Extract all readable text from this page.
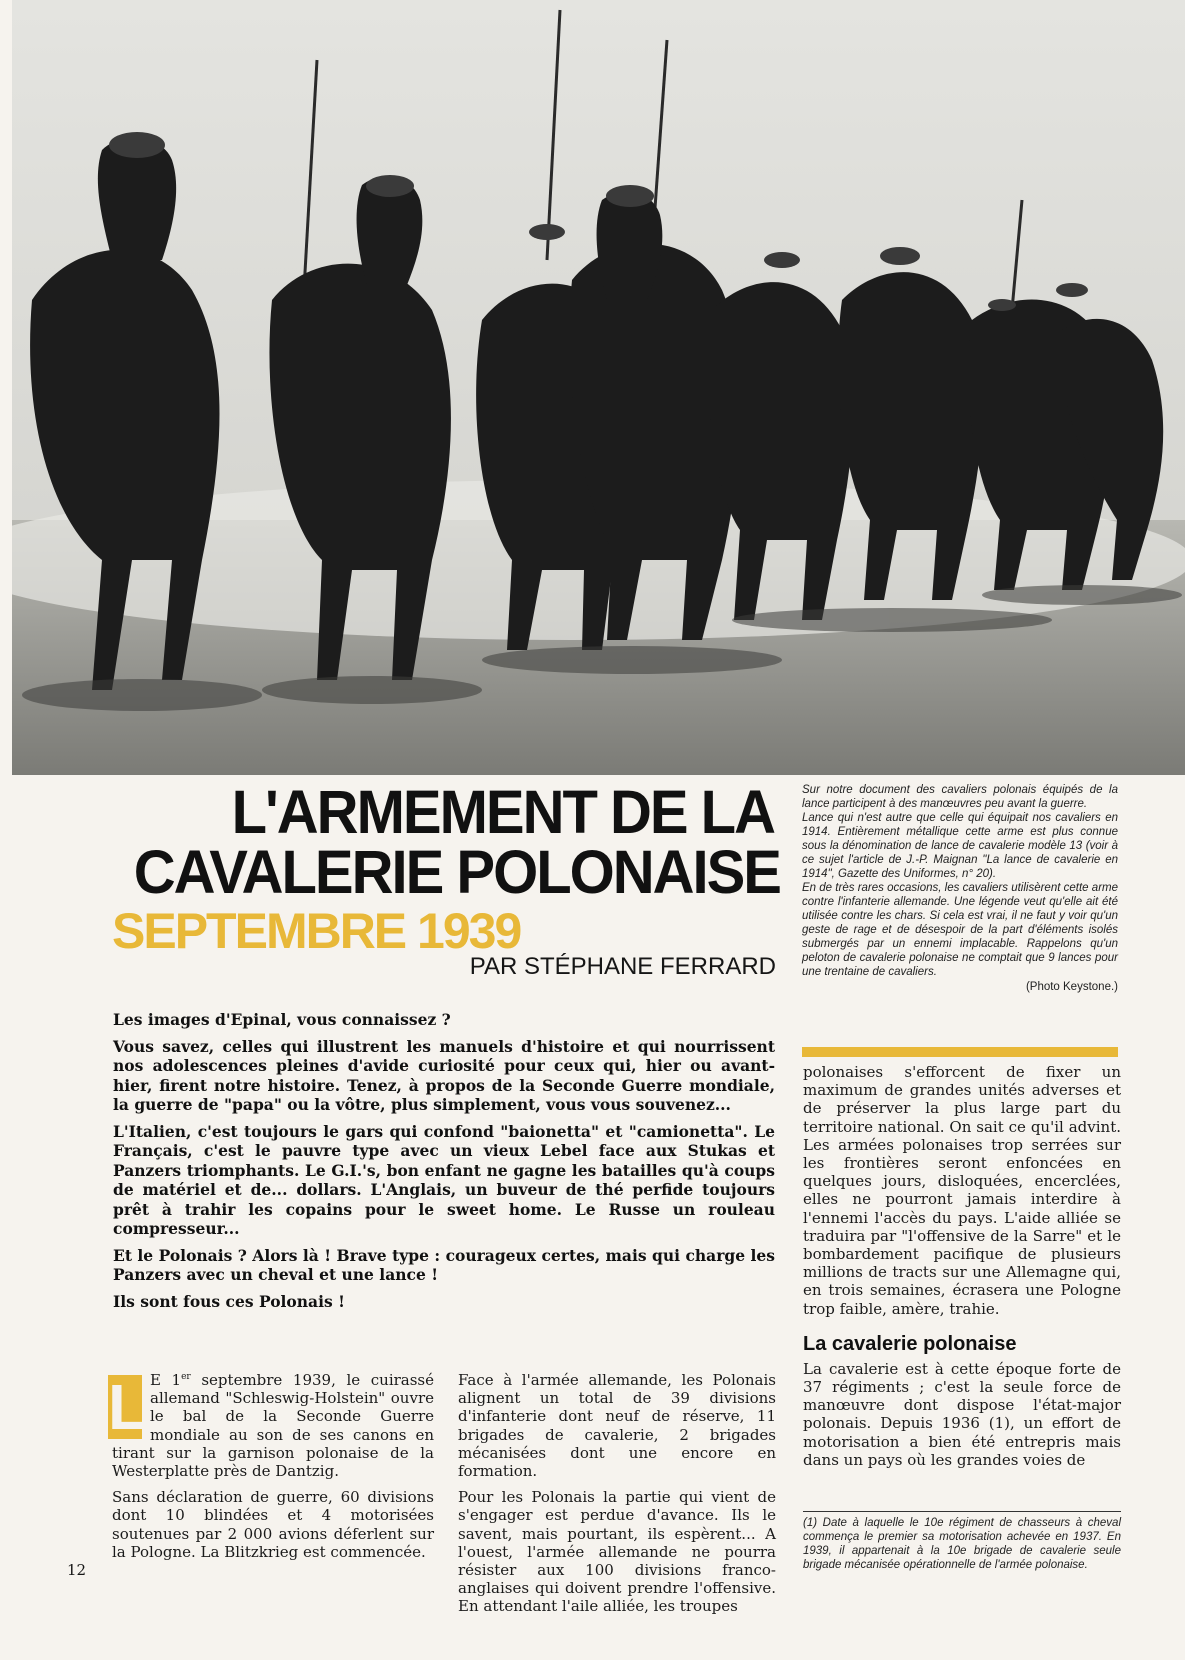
L'ARMEMENT DE LA
CAVALERIE POLONAISE
SEPTEMBRE 1939
PAR STÉPHANE FERRARD

Sur notre document des cavaliers polonais équipés de la lance participent à des manœuvres peu avant la guerre.

Lance qui n'est autre que celle qui équipait nos cavaliers en 1914. Entièrement métallique cette arme est plus connue sous la dénomination de lance de cavalerie modèle 13 (voir à ce sujet l'article de J.-P. Maignan "La lance de cavalerie en 1914", Gazette des Uniformes, n° 20).

En de très rares occasions, les cavaliers utilisèrent cette arme contre l'infanterie allemande. Une légende veut qu'elle ait été utilisée contre les chars. Si cela est vrai, il ne faut y voir qu'un geste de rage et de désespoir de la part d'éléments isolés submergés par un ennemi implacable. Rappelons qu'un peloton de cavalerie polonaise ne comptait que 9 lances pour une trentaine de cavaliers.

(Photo Keystone.)

Les images d'Epinal, vous connaissez ?

Vous savez, celles qui illustrent les manuels d'histoire et qui nourrissent nos adolescences pleines d'avide curiosité pour ceux qui, hier ou avant-hier, firent notre histoire. Tenez, à propos de la Seconde Guerre mondiale, la guerre de "papa" ou la vôtre, plus simplement, vous vous souvenez...

L'Italien, c'est toujours le gars qui confond "baionetta" et "camionetta". Le Français, c'est le pauvre type avec un vieux Lebel face aux Stukas et Panzers triomphants. Le G.I.'s, bon enfant ne gagne les batailles qu'à coups de matériel et de... dollars. L'Anglais, un buveur de thé perfide toujours prêt à trahir les copains pour le sweet home. Le Russe un rouleau compresseur...

Et le Polonais ? Alors là ! Brave type : courageux certes, mais qui charge les Panzers avec un cheval et une lance !

Ils sont fous ces Polonais !

L E 1er septembre 1939, le cuirassé allemand "Schleswig-Holstein" ouvre le bal de la Seconde Guerre mondiale au son de ses canons en tirant sur la garnison polonaise de la Westerplatte près de Dantzig.

Sans déclaration de guerre, 60 divisions dont 10 blindées et 4 motorisées soutenues par 2 000 avions déferlent sur la Pologne. La Blitzkrieg est commencée.

Face à l'armée allemande, les Polonais alignent un total de 39 divisions d'infanterie dont neuf de réserve, 11 brigades de cavalerie, 2 brigades mécanisées dont une encore en formation.

Pour les Polonais la partie qui vient de s'engager est perdue d'avance. Ils le savent, mais pourtant, ils espèrent... A l'ouest, l'armée allemande ne pourra résister aux 100 divisions franco-anglaises qui doivent prendre l'offensive. En attendant l'aile alliée, les troupes

polonaises s'efforcent de fixer un maximum de grandes unités adverses et de préserver la plus large part du territoire national. On sait ce qu'il advint. Les armées polonaises trop serrées sur les frontières seront enfoncées en quelques jours, disloquées, encerclées, elles ne pourront jamais interdire à l'ennemi l'accès du pays. L'aide alliée se traduira par "l'offensive de la Sarre" et le bombardement pacifique de plusieurs millions de tracts sur une Allemagne qui, en trois semaines, écrasera une Pologne trop faible, amère, trahie.

La cavalerie polonaise

La cavalerie est à cette époque forte de 37 régiments ; c'est la seule force de manœuvre dont dispose l'état-major polonais. Depuis 1936 (1), un effort de motorisation a bien été entrepris mais dans un pays où les grandes voies de

(1) Date à laquelle le 10e régiment de chasseurs à cheval commença le premier sa motorisation achevée en 1937. En 1939, il appartenait à la 10e brigade de cavalerie seule brigade mécanisée opérationnelle de l'armée polonaise.
12
